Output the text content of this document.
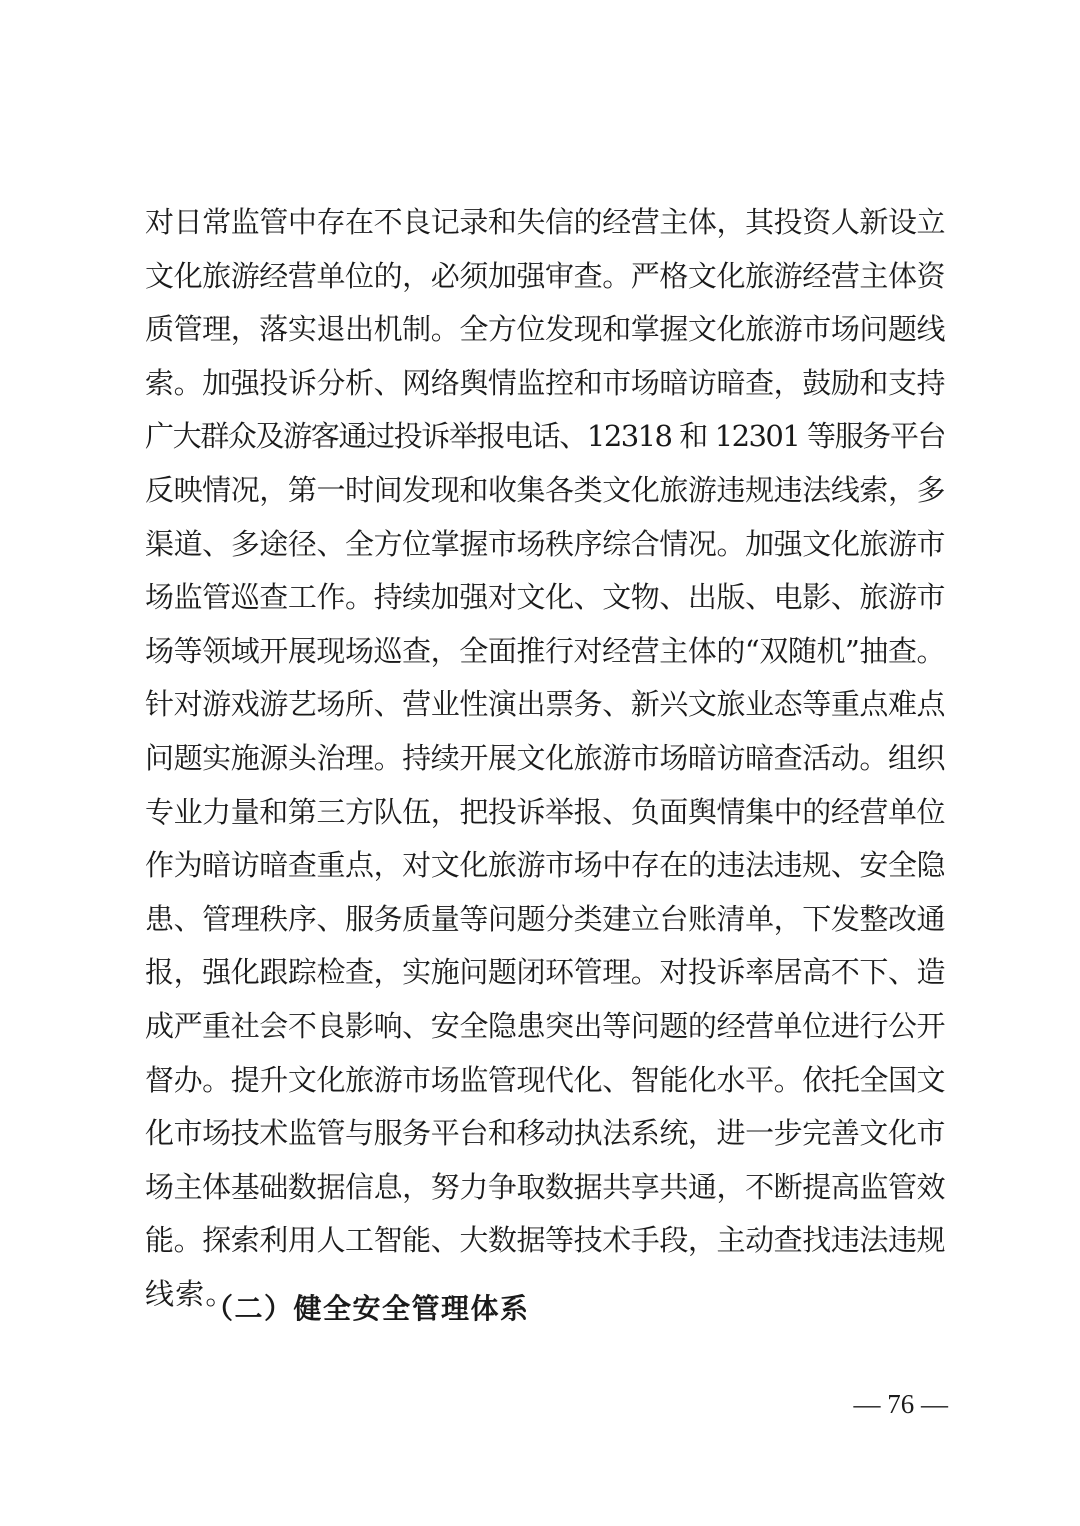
对日常监管中存在不良记录和失信的经营主体，其投资人新设立
文化旅游经营单位的，必须加强审查。严格文化旅游经营主体资
质管理，落实退出机制。全方位发现和掌握文化旅游市场问题线
索。加强投诉分析、网络舆情监控和市场暗访暗查，鼓励和支持
广大群众及游客通过投诉举报电话、12318 和 12301 等服务平台
反映情况，第一时间发现和收集各类文化旅游违规违法线索，多
渠道、多途径、全方位掌握市场秩序综合情况。加强文化旅游市
场监管巡查工作。持续加强对文化、文物、出版、电影、旅游市
场等领域开展现场巡查，全面推行对经营主体的“双随机”抽查。
针对游戏游艺场所、营业性演出票务、新兴文旅业态等重点难点
问题实施源头治理。持续开展文化旅游市场暗访暗查活动。组织
专业力量和第三方队伍，把投诉举报、负面舆情集中的经营单位
作为暗访暗查重点，对文化旅游市场中存在的违法违规、安全隐
患、管理秩序、服务质量等问题分类建立台账清单，下发整改通
报，强化跟踪检查，实施问题闭环管理。对投诉率居高不下、造
成严重社会不良影响、安全隐患突出等问题的经营单位进行公开
督办。提升文化旅游市场监管现代化、智能化水平。依托全国文
化市场技术监管与服务平台和移动执法系统，进一步完善文化市
场主体基础数据信息，努力争取数据共享共通，不断提高监管效
能。探索利用人工智能、大数据等技术手段，主动查找违法违规
线索。
（二）健全安全管理体系
— 76 —
